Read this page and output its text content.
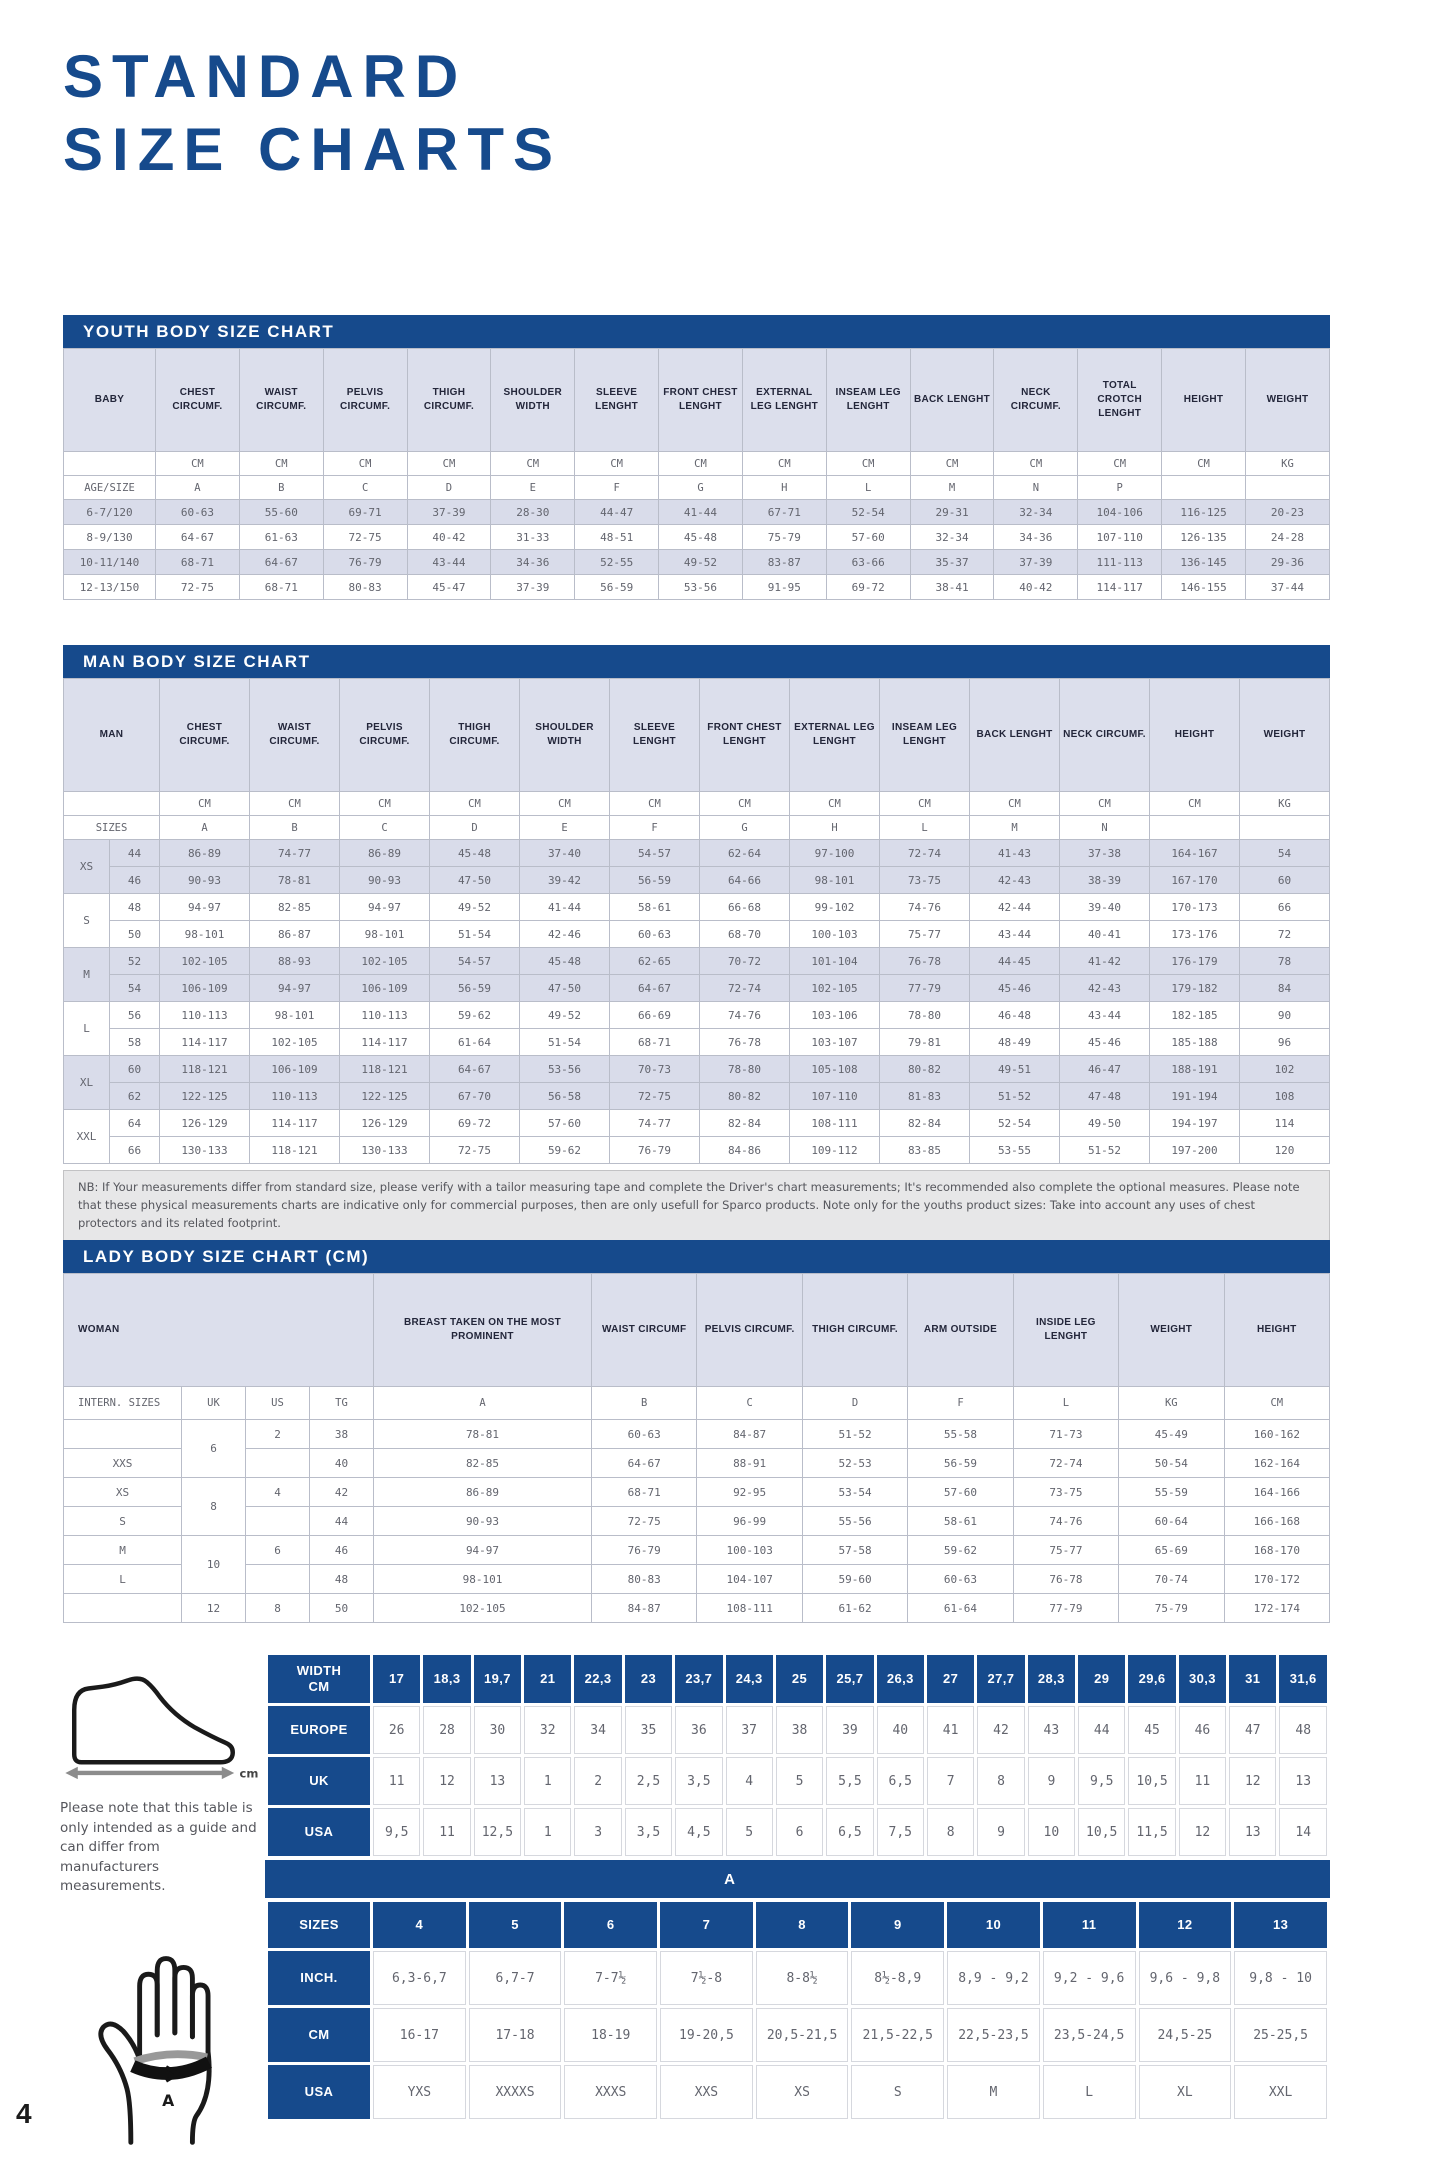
STANDARD
SIZE CHARTS
YOUTH BODY SIZE CHART
BABY	CHEST CIRCUMF.	WAIST CIRCUMF.	PELVIS CIRCUMF.	THIGH CIRCUMF.	SHOULDER WIDTH	SLEEVE LENGHT	FRONT CHEST LENGHT	EXTERNAL LEG LENGHT	INSEAM LEG LENGHT	BACK LENGHT	NECK CIRCUMF.	TOTAL CROTCH LENGHT	HEIGHT	WEIGHT
	CM	CM	CM	CM	CM	CM	CM	CM	CM	CM	CM	CM	CM	KG
AGE/SIZE	A	B	C	D	E	F	G	H	L	M	N	P		
6-7/120	60-63	55-60	69-71	37-39	28-30	44-47	41-44	67-71	52-54	29-31	32-34	104-106	116-125	20-23
8-9/130	64-67	61-63	72-75	40-42	31-33	48-51	45-48	75-79	57-60	32-34	34-36	107-110	126-135	24-28
10-11/140	68-71	64-67	76-79	43-44	34-36	52-55	49-52	83-87	63-66	35-37	37-39	111-113	136-145	29-36
12-13/150	72-75	68-71	80-83	45-47	37-39	56-59	53-56	91-95	69-72	38-41	40-42	114-117	146-155	37-44
MAN BODY SIZE CHART
MAN		CHEST CIRCUMF.	WAIST CIRCUMF.	PELVIS CIRCUMF.	THIGH CIRCUMF.	SHOULDER WIDTH	SLEEVE LENGHT	FRONT CHEST LENGHT	EXTERNAL LEG LENGHT	INSEAM LEG LENGHT	BACK LENGHT	NECK CIRCUMF.	HEIGHT	WEIGHT
		CM	CM	CM	CM	CM	CM	CM	CM	CM	CM	CM	CM	KG
SIZES		A	B	C	D	E	F	G	H	L	M	N		
XS	44	86-89	74-77	86-89	45-48	37-40	54-57	62-64	97-100	72-74	41-43	37-38	164-167	54
	46	90-93	78-81	90-93	47-50	39-42	56-59	64-66	98-101	73-75	42-43	38-39	167-170	60
S	48	94-97	82-85	94-97	49-52	41-44	58-61	66-68	99-102	74-76	42-44	39-40	170-173	66
	50	98-101	86-87	98-101	51-54	42-46	60-63	68-70	100-103	75-77	43-44	40-41	173-176	72
M	52	102-105	88-93	102-105	54-57	45-48	62-65	70-72	101-104	76-78	44-45	41-42	176-179	78
	54	106-109	94-97	106-109	56-59	47-50	64-67	72-74	102-105	77-79	45-46	42-43	179-182	84
L	56	110-113	98-101	110-113	59-62	49-52	66-69	74-76	103-106	78-80	46-48	43-44	182-185	90
	58	114-117	102-105	114-117	61-64	51-54	68-71	76-78	103-107	79-81	48-49	45-46	185-188	96
XL	60	118-121	106-109	118-121	64-67	53-56	70-73	78-80	105-108	80-82	49-51	46-47	188-191	102
	62	122-125	110-113	122-125	67-70	56-58	72-75	80-82	107-110	81-83	51-52	47-48	191-194	108
XXL	64	126-129	114-117	126-129	69-72	57-60	74-77	82-84	108-111	82-84	52-54	49-50	194-197	114
	66	130-133	118-121	130-133	72-75	59-62	76-79	84-86	109-112	83-85	53-55	51-52	197-200	120
NB: If Your measurements differ from standard size, please verify with a tailor measuring tape and complete the Driver's chart measurements; It's recommended also complete the optional measures. Please note that these physical measurements charts are indicative only for commercial purposes, then are only usefull for Sparco products. Note only for the youths product sizes: Take into account any uses of chest protectors and its related footprint.
LADY BODY SIZE CHART (CM)
WOMAN				BREAST TAKEN ON THE MOST PROMINENT	WAIST CIRCUMF	PELVIS CIRCUMF.	THIGH CIRCUMF.	ARM OUTSIDE	INSIDE LEG LENGHT	WEIGHT	HEIGHT
INTERN. SIZES	UK	US	TG	A	B	C	D	F	L	KG	CM
	6	2	38	78-81	60-63	84-87	51-52	55-58	71-73	45-49	160-162
XXS			40	82-85	64-67	88-91	52-53	56-59	72-74	50-54	162-164
XS	8	4	42	86-89	68-71	92-95	53-54	57-60	73-75	55-59	164-166
S			44	90-93	72-75	96-99	55-56	58-61	74-76	60-64	166-168
M	10	6	46	94-97	76-79	100-103	57-58	59-62	75-77	65-69	168-170
L			48	98-101	80-83	104-107	59-60	60-63	76-78	70-74	170-172
	12	8	50	102-105	84-87	108-111	61-62	61-64	77-79	75-79	172-174
cm

Please note that this table is only intended as a guide and can differ from manufacturers measurements.

WIDTH CM	17	18,3	19,7	21	22,3	23	23,7	24,3	25	25,7	26,3	27	27,7	28,3	29	29,6	30,3	31	31,6
EUROPE	26	28	30	32	34	35	36	37	38	39	40	41	42	43	44	45	46	47	48
UK	11	12	13	1	2	2,5	3,5	4	5	5,5	6,5	7	8	9	9,5	10,5	11	12	13
USA	9,5	11	12,5	1	3	3,5	4,5	5	6	6,5	7,5	8	9	10	10,5	11,5	12	13	14
A
A
SIZES	4	5	6	7	8	9	10	11	12	13
INCH.	6,3-6,7	6,7-7	7-7½	7½-8	8-8½	8½-8,9	8,9 - 9,2	9,2 - 9,6	9,6 - 9,8	9,8 - 10
CM	16-17	17-18	18-19	19-20,5	20,5-21,5	21,5-22,5	22,5-23,5	23,5-24,5	24,5-25	25-25,5
USA	YXS	XXXXS	XXXS	XXS	XS	S	M	L	XL	XXL
4
